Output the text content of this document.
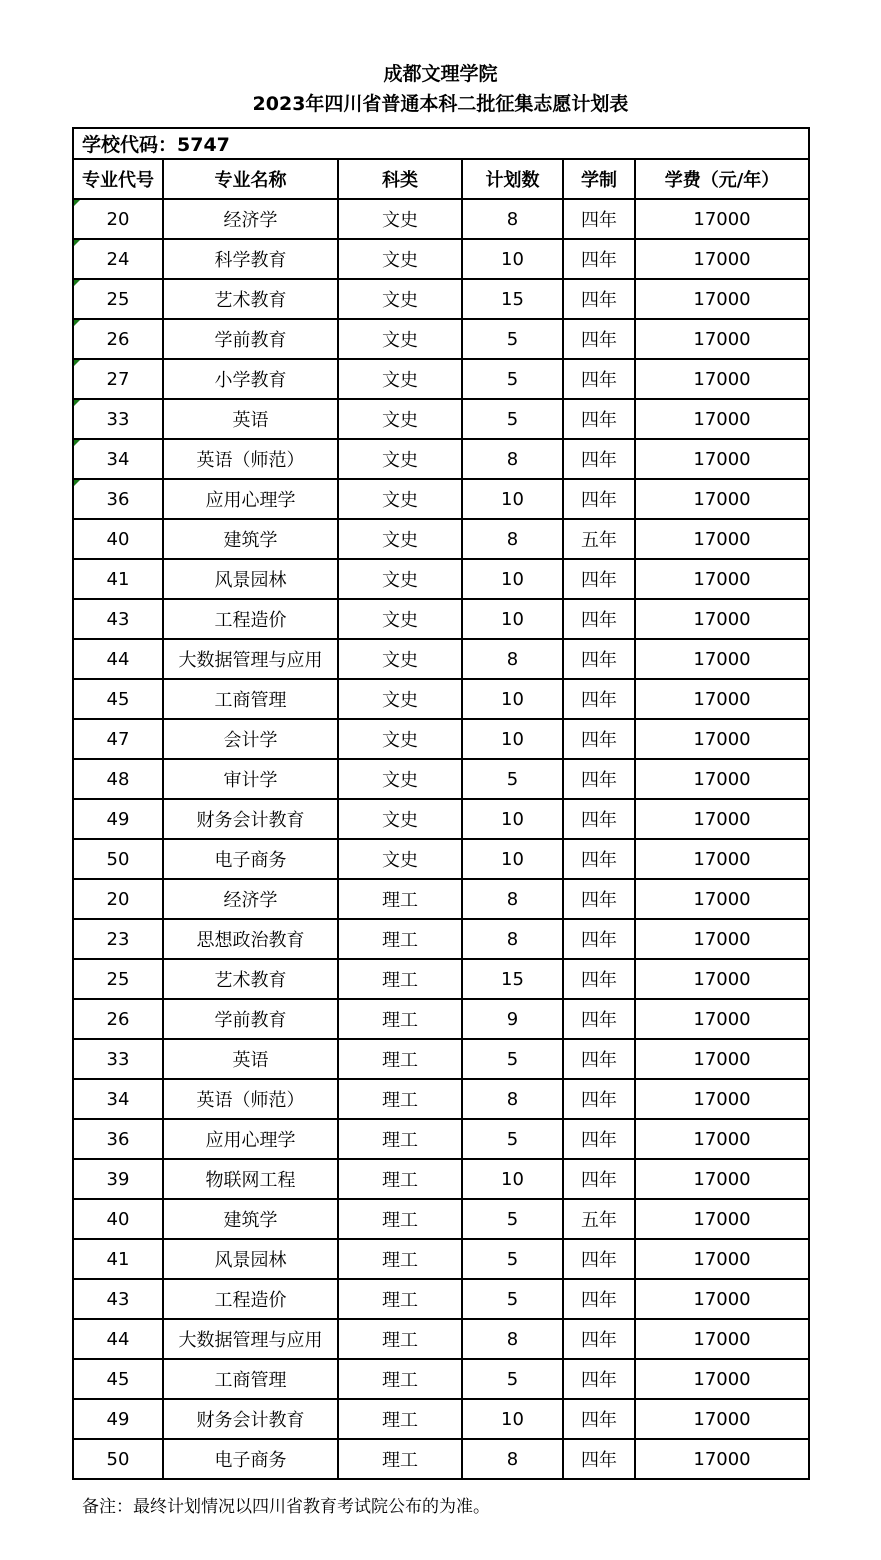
成都文理学院
2023年四川省普通本科二批征集志愿计划表
学校代码：5747					
专业代号	专业名称	科类	计划数	学制	学费（元/年）
20	经济学	文史	8	四年	17000
24	科学教育	文史	10	四年	17000
25	艺术教育	文史	15	四年	17000
26	学前教育	文史	5	四年	17000
27	小学教育	文史	5	四年	17000
33	英语	文史	5	四年	17000
34	英语（师范）	文史	8	四年	17000
36	应用心理学	文史	10	四年	17000
40	建筑学	文史	8	五年	17000
41	风景园林	文史	10	四年	17000
43	工程造价	文史	10	四年	17000
44	大数据管理与应用	文史	8	四年	17000
45	工商管理	文史	10	四年	17000
47	会计学	文史	10	四年	17000
48	审计学	文史	5	四年	17000
49	财务会计教育	文史	10	四年	17000
50	电子商务	文史	10	四年	17000
20	经济学	理工	8	四年	17000
23	思想政治教育	理工	8	四年	17000
25	艺术教育	理工	15	四年	17000
26	学前教育	理工	9	四年	17000
33	英语	理工	5	四年	17000
34	英语（师范）	理工	8	四年	17000
36	应用心理学	理工	5	四年	17000
39	物联网工程	理工	10	四年	17000
40	建筑学	理工	5	五年	17000
41	风景园林	理工	5	四年	17000
43	工程造价	理工	5	四年	17000
44	大数据管理与应用	理工	8	四年	17000
45	工商管理	理工	5	四年	17000
49	财务会计教育	理工	10	四年	17000
50	电子商务	理工	8	四年	17000
备注：最终计划情况以四川省教育考试院公布的为准。
